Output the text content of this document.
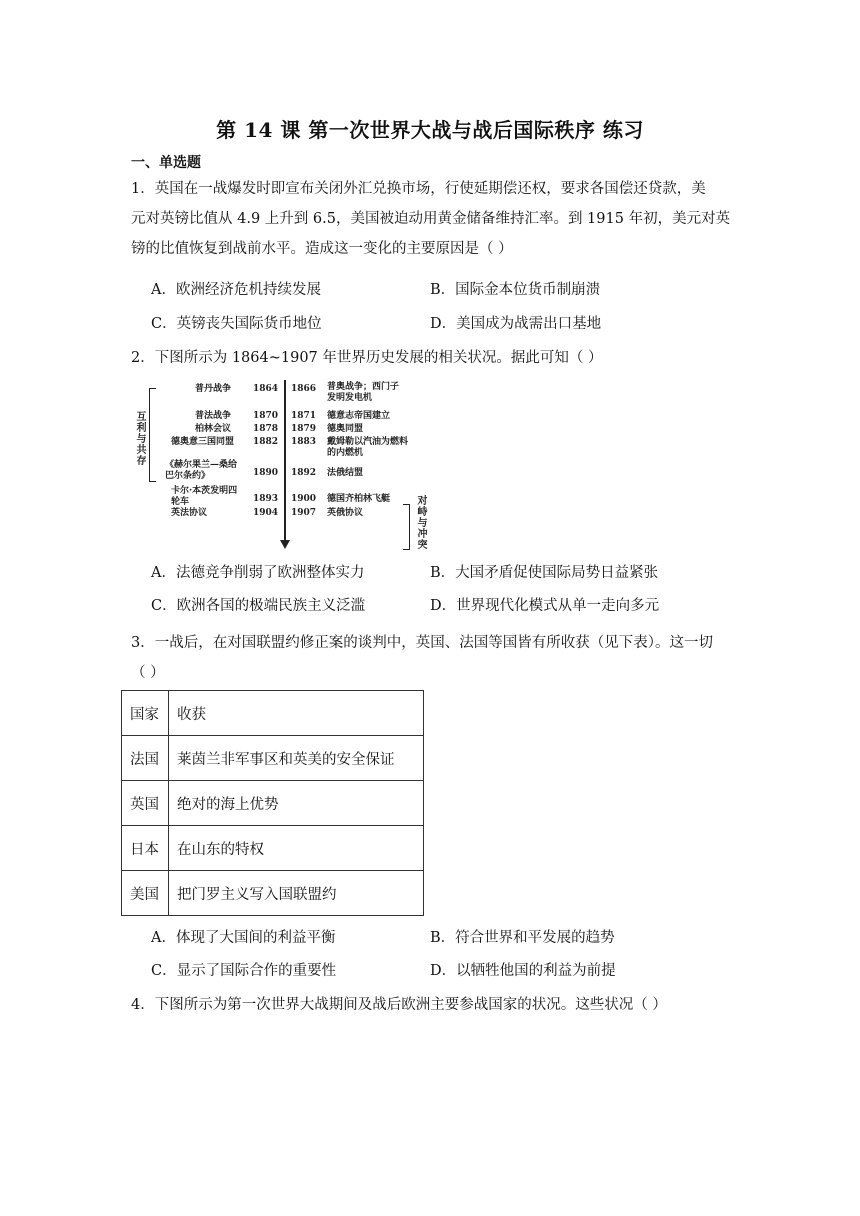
第 14 课 第一次世界大战与战后国际秩序 练习
一、单选题
1．英国在一战爆发时即宣布关闭外汇兑换市场，行使延期偿还权，要求各国偿还贷款，美
元对英镑比值从 4.9 上升到 6.5，美国被迫动用黄金储备维持汇率。到 1915 年初，美元对英
镑的比值恢复到战前水平。造成这一变化的主要原因是（ ）
A．欧洲经济危机持续发展	B．国际金本位货币制崩溃
C．英镑丧失国际货币地位	D．美国成为战需出口基地
2．下图所示为 1864~1907 年世界历史发展的相关状况。据此可知（ ）
互利与共存
对峙与冲突
普丹战争 1864 1866 普奥战争；西门子发明发电机
普法战争 1870 1871 德意志帝国建立
柏林会议 1878 1879 德奥同盟
德奥意三国同盟 1882 1883 戴姆勒以汽油为燃料的内燃机
《赫尔果兰—桑给巴尔条约》	1890 1892 法俄结盟
卡尔·本茨发明四轮车	1893 1900 德国齐柏林飞艇
英法协议	1904 1907 英俄协议
A．法德竞争削弱了欧洲整体实力	B．大国矛盾促使国际局势日益紧张
C．欧洲各国的极端民族主义泛滥	D．世界现代化模式从单一走向多元
3．一战后，在对国联盟约修正案的谈判中，英国、法国等国皆有所收获（见下表）。这一切
（ ）
国家	收获
法国	莱茵兰非军事区和英美的安全保证
英国	绝对的海上优势
日本	在山东的特权
美国	把门罗主义写入国联盟约
A．体现了大国间的利益平衡	B．符合世界和平发展的趋势
C．显示了国际合作的重要性	D．以牺牲他国的利益为前提
4．下图所示为第一次世界大战期间及战后欧洲主要参战国家的状况。这些状况（ ）
